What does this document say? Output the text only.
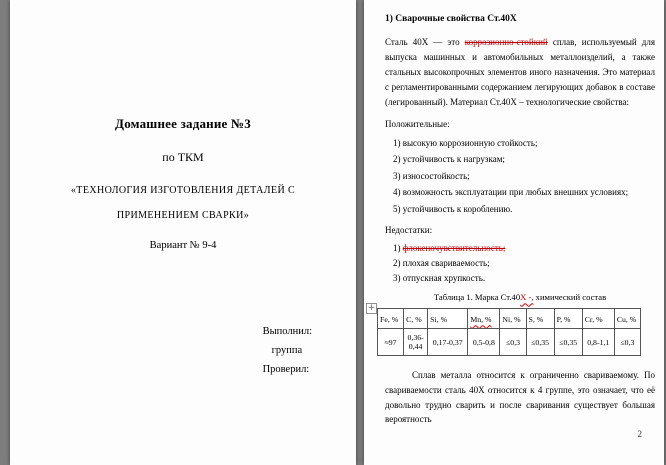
Домашнее задание №3
по ТКМ
«ТЕХНОЛОГИЯ ИЗГОТОВЛЕНИЯ ДЕТАЛЕЙ С
ПРИМЕНЕНИЕМ СВАРКИ»
Вариант № 9-4
Выполнил:
группа
Проверил:
1) Сварочные свойства Ст.40Х

Сталь 40Х — это коррозионно-стойкий сплав, используемый для выпуска машинных и автомобильных металлоизделий, а также стальных высокопрочных элементов иного назначения. Это материал с регламентированными содержанием легирующих добавок в составе (легированный). Материал Ст.40Х – технологические свойства:

Положительные:
1) высокую коррозионную стойкость;
2) устойчивость к нагрузкам;
3) износостойкость;
4) возможность эксплуатации при любых внешних условиях;
5) устойчивость к короблению.
Недостатки:
1) флокеночувствительность;
2) плохая свариваемость;
3) отпускная хрупкость.
Таблица 1. Марка Ст.40Х -, химический состав
+
Fe, %	C, %	Si, %	Мn, %	Ni, %	S, %	P, %	Cr, %	Cu, %
≈97	0,36-0,44	0,17-0,37	0,5-0,8	≤0,3	≤0,35	≤0,35	0,8-1,1	≤0,3

Сплав металла относится к ограниченно свариваемому. По свариваемости сталь 40Х относится к 4 группе, это означает, что её довольно трудно сварить и после сваривания существует большая вероятность

2
